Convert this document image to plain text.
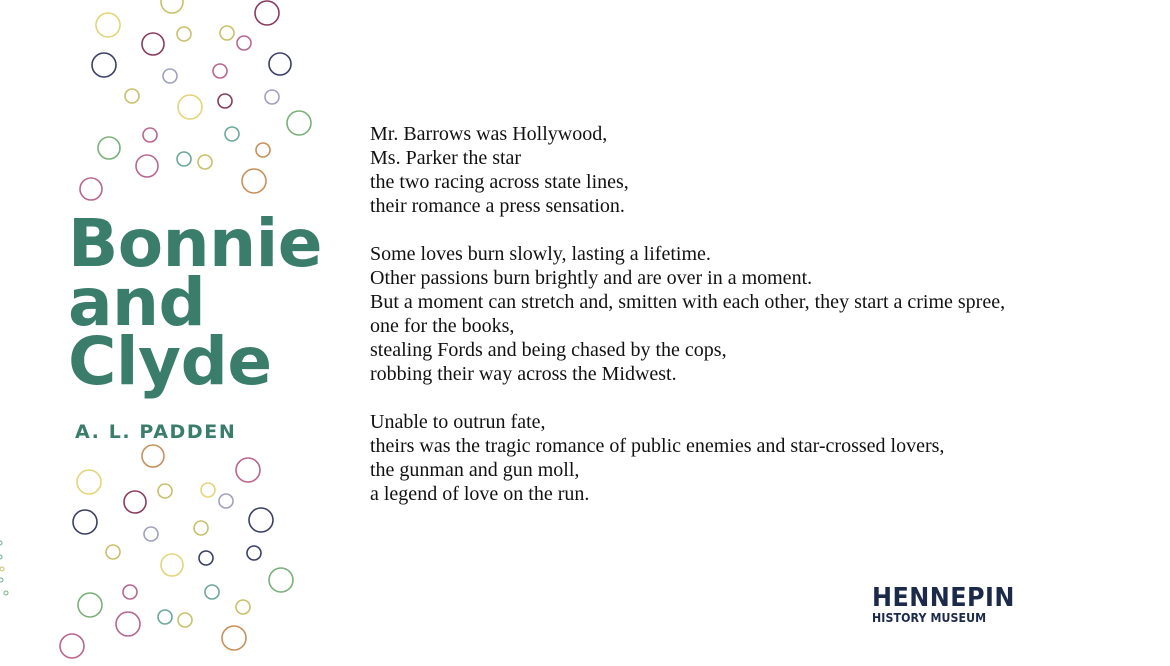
Bonnie
and
Clyde
A. L. PADDEN

Mr. Barrows was Hollywood,
Ms. Parker the star
the two racing across state lines,
their romance a press sensation.

Some loves burn slowly, lasting a lifetime.
Other passions burn brightly and are over in a moment.
But a moment can stretch and, smitten with each other, they start a crime spree,
one for the books,
stealing Fords and being chased by the cops,
robbing their way across the Midwest.

Unable to outrun fate,
theirs was the tragic romance of public enemies and star-crossed lovers,
the gunman and gun moll,
a legend of love on the run.

HENNEPIN
HISTORY MUSEUM
